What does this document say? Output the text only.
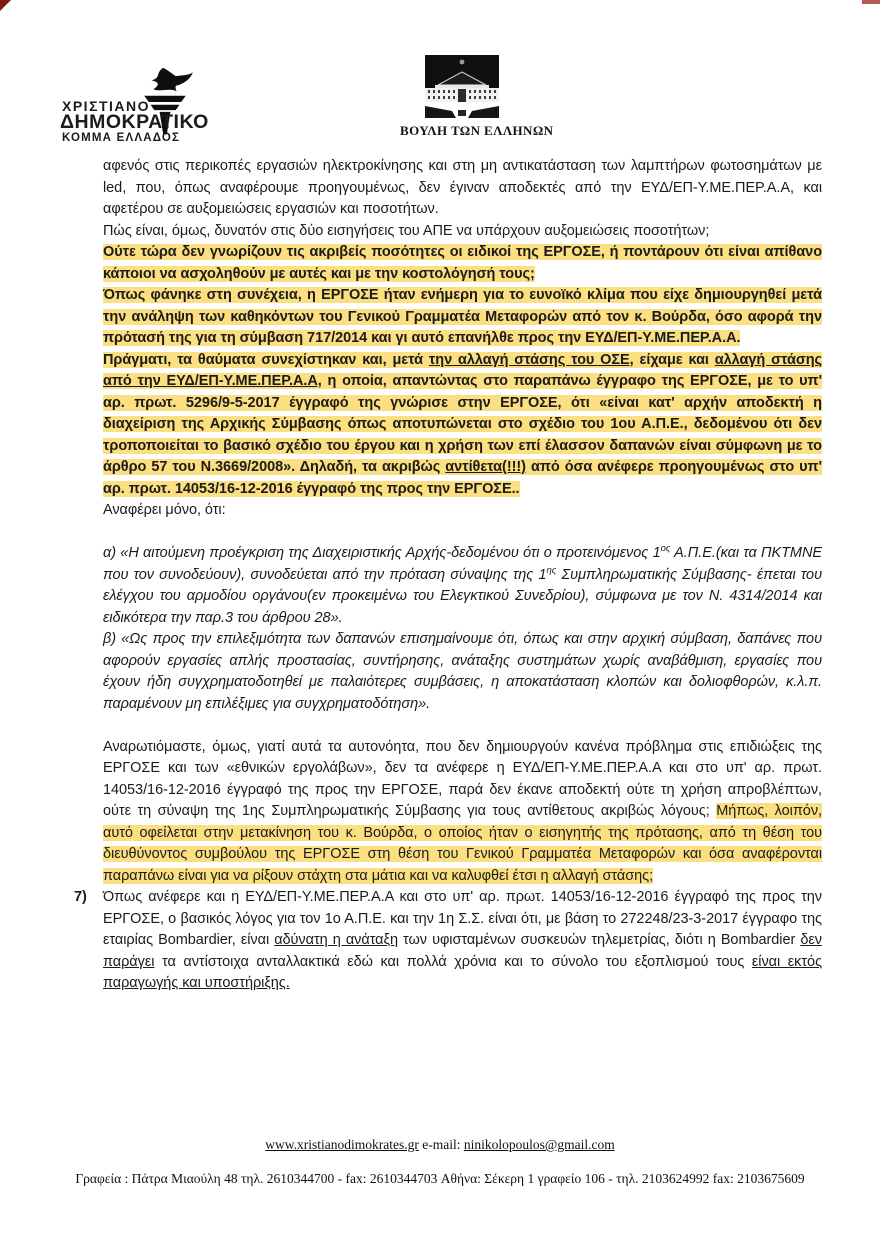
ΧΡΙΣΤΙΑΝΟ
ΔΗΜΟΚΡΑΤΙΚΟ
ΚΟΜΜΑ ΕΛΛΑΔΟΣ	ΒΟΥΛΗ ΤΩΝ ΕΛΛΗΝΩΝ

αφενός στις περικοπές εργασιών ηλεκτροκίνησης και στη μη αντικατάσταση των λαμπτήρων φωτοσημάτων με led, που, όπως αναφέρουμε προηγουμένως, δεν έγιναν αποδεκτές από την ΕΥΔ/ΕΠ-Υ.ΜΕ.ΠΕΡ.Α.Α, και αφετέρου σε αυξομειώσεις εργασιών και ποσοτήτων.

Πώς είναι, όμως, δυνατόν στις δύο εισηγήσεις του ΑΠΕ να υπάρχουν αυξομειώσεις ποσοτήτων;

Ούτε τώρα δεν γνωρίζουν τις ακριβείς ποσότητες οι ειδικοί της ΕΡΓΟΣΕ, ή ποντάρουν ότι είναι απίθανο κάποιοι να ασχοληθούν με αυτές και με την κοστολόγησή τους;

Όπως φάνηκε στη συνέχεια, η ΕΡΓΟΣΕ ήταν ενήμερη για το ευνοϊκό κλίμα που είχε δημιουργηθεί μετά την ανάληψη των καθηκόντων του Γενικού Γραμματέα Μεταφορών από τον κ. Βούρδα, όσο αφορά την πρότασή της για τη σύμβαση 717/2014 και γι αυτό επανήλθε προς την ΕΥΔ/ΕΠ-Υ.ΜΕ.ΠΕΡ.Α.Α.

Πράγματι, τα θαύματα συνεχίστηκαν και, μετά την αλλαγή στάσης του ΟΣΕ, είχαμε και αλλαγή στάσης από την ΕΥΔ/ΕΠ-Υ.ΜΕ.ΠΕΡ.Α.Α, η οποία, απαντώντας στο παραπάνω έγγραφο της ΕΡΓΟΣΕ, με το υπ' αρ. πρωτ. 5296/9-5-2017 έγγραφό της γνώρισε στην ΕΡΓΟΣΕ, ότι «είναι κατ' αρχήν αποδεκτή η διαχείριση της Αρχικής Σύμβασης όπως αποτυπώνεται στο σχέδιο του 1ου Α.Π.Ε., δεδομένου ότι δεν τροποποιείται το βασικό σχέδιο του έργου και η χρήση των επί έλασσον δαπανών είναι σύμφωνη με το άρθρο 57 του Ν.3669/2008». Δηλαδή, τα ακριβώς αντίθετα(!!!) από όσα ανέφερε προηγουμένως στο υπ' αρ. πρωτ. 14053/16-12-2016 έγγραφό της προς την ΕΡΓΟΣΕ..

Αναφέρει μόνο, ότι:

α) «Η αιτούμενη προέγκριση της Διαχειριστικής Αρχής-δεδομένου ότι ο προτεινόμενος $1^{o\varsigma}$ Α.Π.Ε.(και τα ΠΚΤΜΝΕ που τον συνοδεύουν), συνοδεύεται από την πρόταση σύναψης της $1^{\eta\varsigma}$ Συμπληρωματικής Σύμβασης- έπεται του ελέγχου του αρμοδίου οργάνου(εν προκειμένω του Ελεγκτικού Συνεδρίου), σύμφωνα με τον Ν. 4314/2014 και ειδικότερα την παρ.3 του άρθρου 28».

β) «Ως προς την επιλεξιμότητα των δαπανών επισημαίνουμε ότι, όπως και στην αρχική σύμβαση, δαπάνες που αφορούν εργασίες απλής προστασίας, συντήρησης, ανάταξης συστημάτων χωρίς αναβάθμιση, εργασίες που έχουν ήδη συγχρηματοδοτηθεί με παλαιότερες συμβάσεις, η αποκατάσταση κλοπών και δολιοφθορών, κ.λ.π. παραμένουν μη επιλέξιμες για συγχρηματοδότηση».

Αναρωτιόμαστε, όμως, γιατί αυτά τα αυτονόητα, που δεν δημιουργούν κανένα πρόβλημα στις επιδιώξεις της ΕΡΓΟΣΕ και των «εθνικών εργολάβων», δεν τα ανέφερε η ΕΥΔ/ΕΠ-Υ.ΜΕ.ΠΕΡ.Α.Α και στο υπ' αρ. πρωτ. 14053/16-12-2016 έγγραφό της προς την ΕΡΓΟΣΕ, παρά δεν έκανε αποδεκτή ούτε τη χρήση απροβλέπτων, ούτε τη σύναψη της 1ης Συμπληρωματικής Σύμβασης για τους αντίθετους ακριβώς λόγους; Μήπως, λοιπόν, αυτό οφείλεται στην μετακίνηση του κ. Βούρδα, ο οποίος ήταν ο εισηγητής της πρότασης, από τη θέση του διευθύνοντος συμβούλου της ΕΡΓΟΣΕ στη θέση του Γενικού Γραμματέα Μεταφορών και όσα αναφέρονται παραπάνω είναι για να ρίξουν στάχτη στα μάτια και να καλυφθεί έτσι η αλλαγή στάσης;

7) Όπως ανέφερε και η ΕΥΔ/ΕΠ-Υ.ΜΕ.ΠΕΡ.Α.Α και στο υπ' αρ. πρωτ. 14053/16-12-2016 έγγραφό της προς την ΕΡΓΟΣΕ, ο βασικός λόγος για τον 1ο Α.Π.Ε. και την 1η Σ.Σ. είναι ότι, με βάση το 272248/23-3-2017 έγγραφο της εταιρίας Bombardier, είναι αδύνατη η ανάταξη των υφισταμένων συσκευών τηλεμετρίας, διότι η Bombardier δεν παράγει τα αντίστοιχα ανταλλακτικά εδώ και πολλά χρόνια και το σύνολο του εξοπλισμού τους είναι εκτός παραγωγής και υποστήριξης.

www.xristianodimokrates.gr e-mail: ninikolopoulos@gmail.com
Γραφεία : Πάτρα Μιαούλη 48 τηλ. 2610344700 - fax: 2610344703 Αθήνα: Σέκερη 1 γραφείο 106 - τηλ. 2103624992 fax: 2103675609
